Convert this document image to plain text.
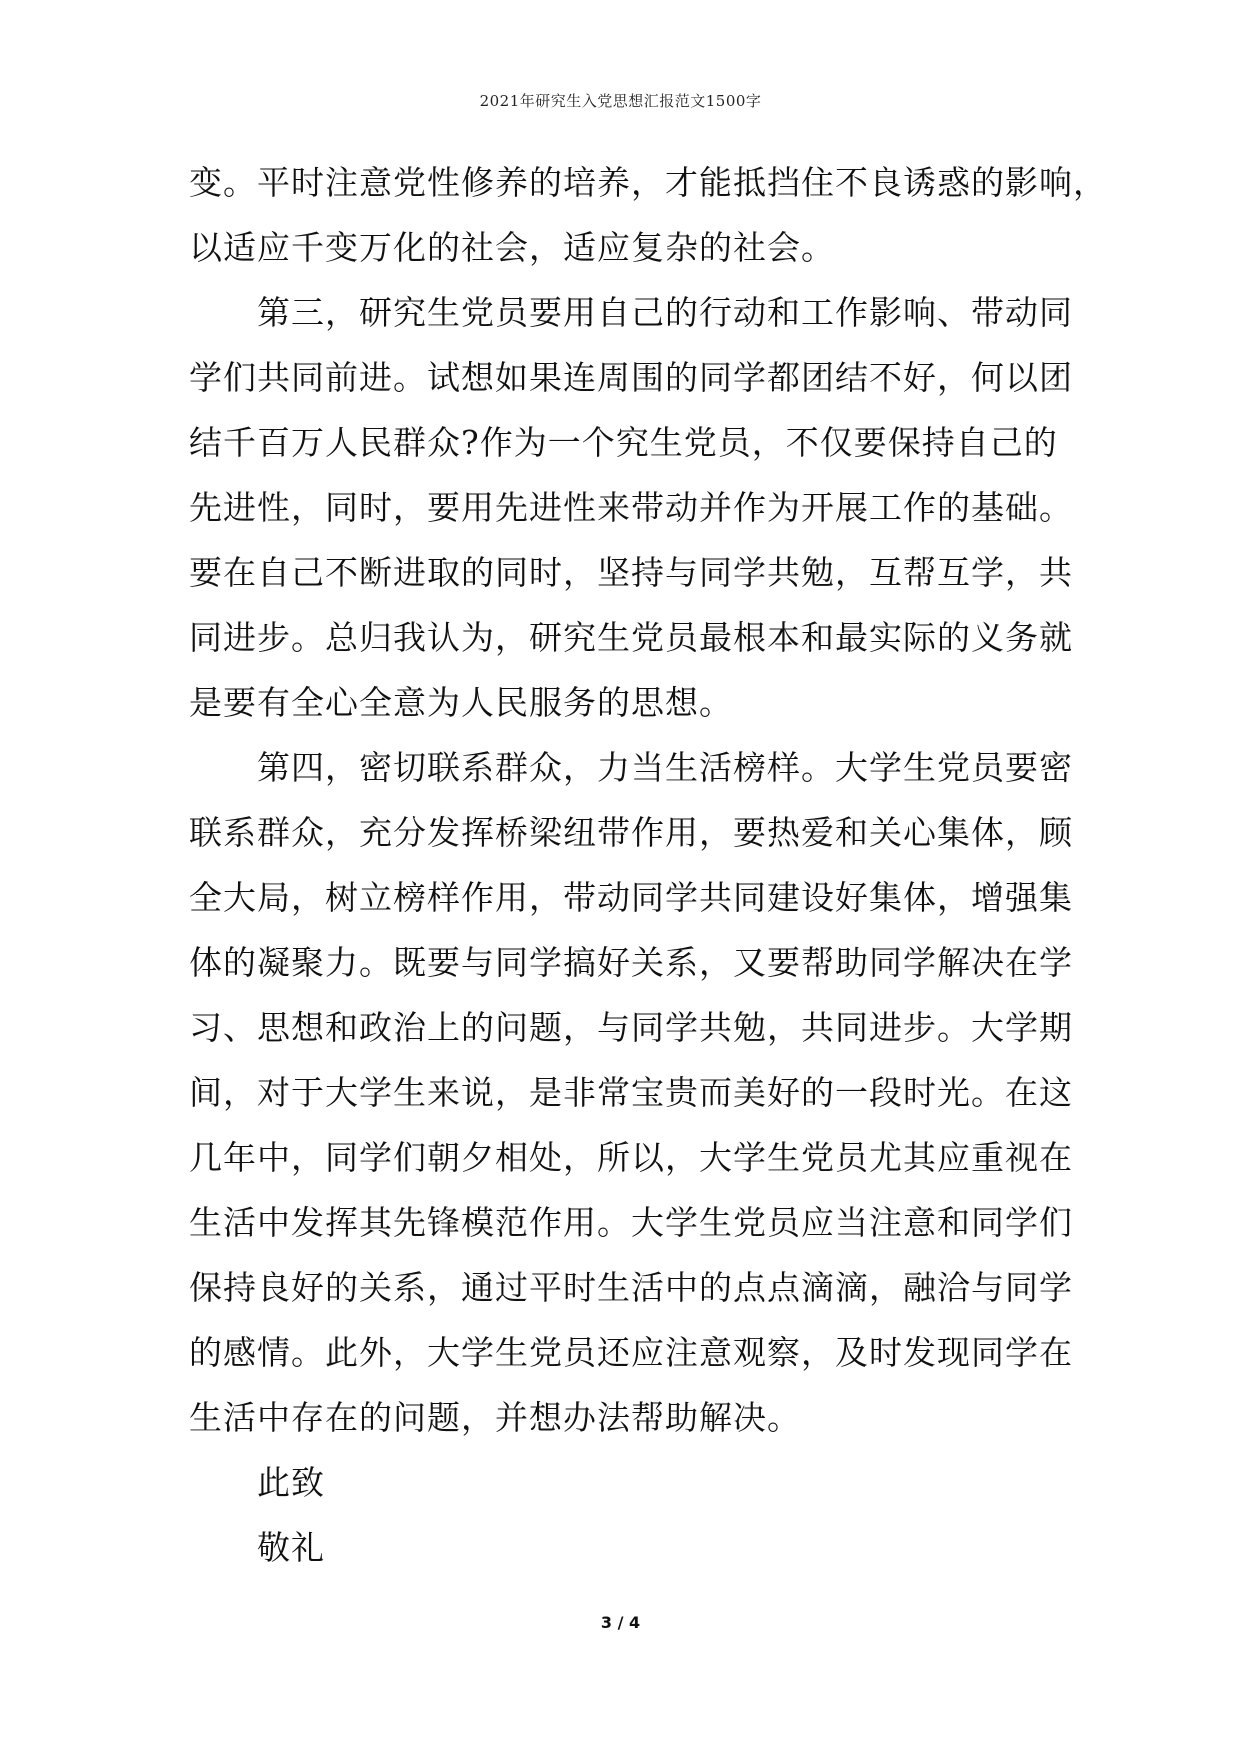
2021年研究生入党思想汇报范文1500字
变。平时注意党性修养的培养，才能抵挡住不良诱惑的影响，
以适应千变万化的社会，适应复杂的社会。
　　第三，研究生党员要用自己的行动和工作影响、带动同
学们共同前进。试想如果连周围的同学都团结不好，何以团
结千百万人民群众?作为一个究生党员，不仅要保持自己的
先进性，同时，要用先进性来带动并作为开展工作的基础。
要在自己不断进取的同时，坚持与同学共勉，互帮互学，共
同进步。总归我认为，研究生党员最根本和最实际的义务就
是要有全心全意为人民服务的思想。
　　第四，密切联系群众，力当生活榜样。大学生党员要密
联系群众，充分发挥桥梁纽带作用，要热爱和关心集体，顾
全大局，树立榜样作用，带动同学共同建设好集体，增强集
体的凝聚力。既要与同学搞好关系，又要帮助同学解决在学
习、思想和政治上的问题，与同学共勉，共同进步。大学期
间，对于大学生来说，是非常宝贵而美好的一段时光。在这
几年中，同学们朝夕相处，所以，大学生党员尤其应重视在
生活中发挥其先锋模范作用。大学生党员应当注意和同学们
保持良好的关系，通过平时生活中的点点滴滴，融洽与同学
的感情。此外，大学生党员还应注意观察，及时发现同学在
生活中存在的问题，并想办法帮助解决。
　　此致
　　敬礼
3 / 4
